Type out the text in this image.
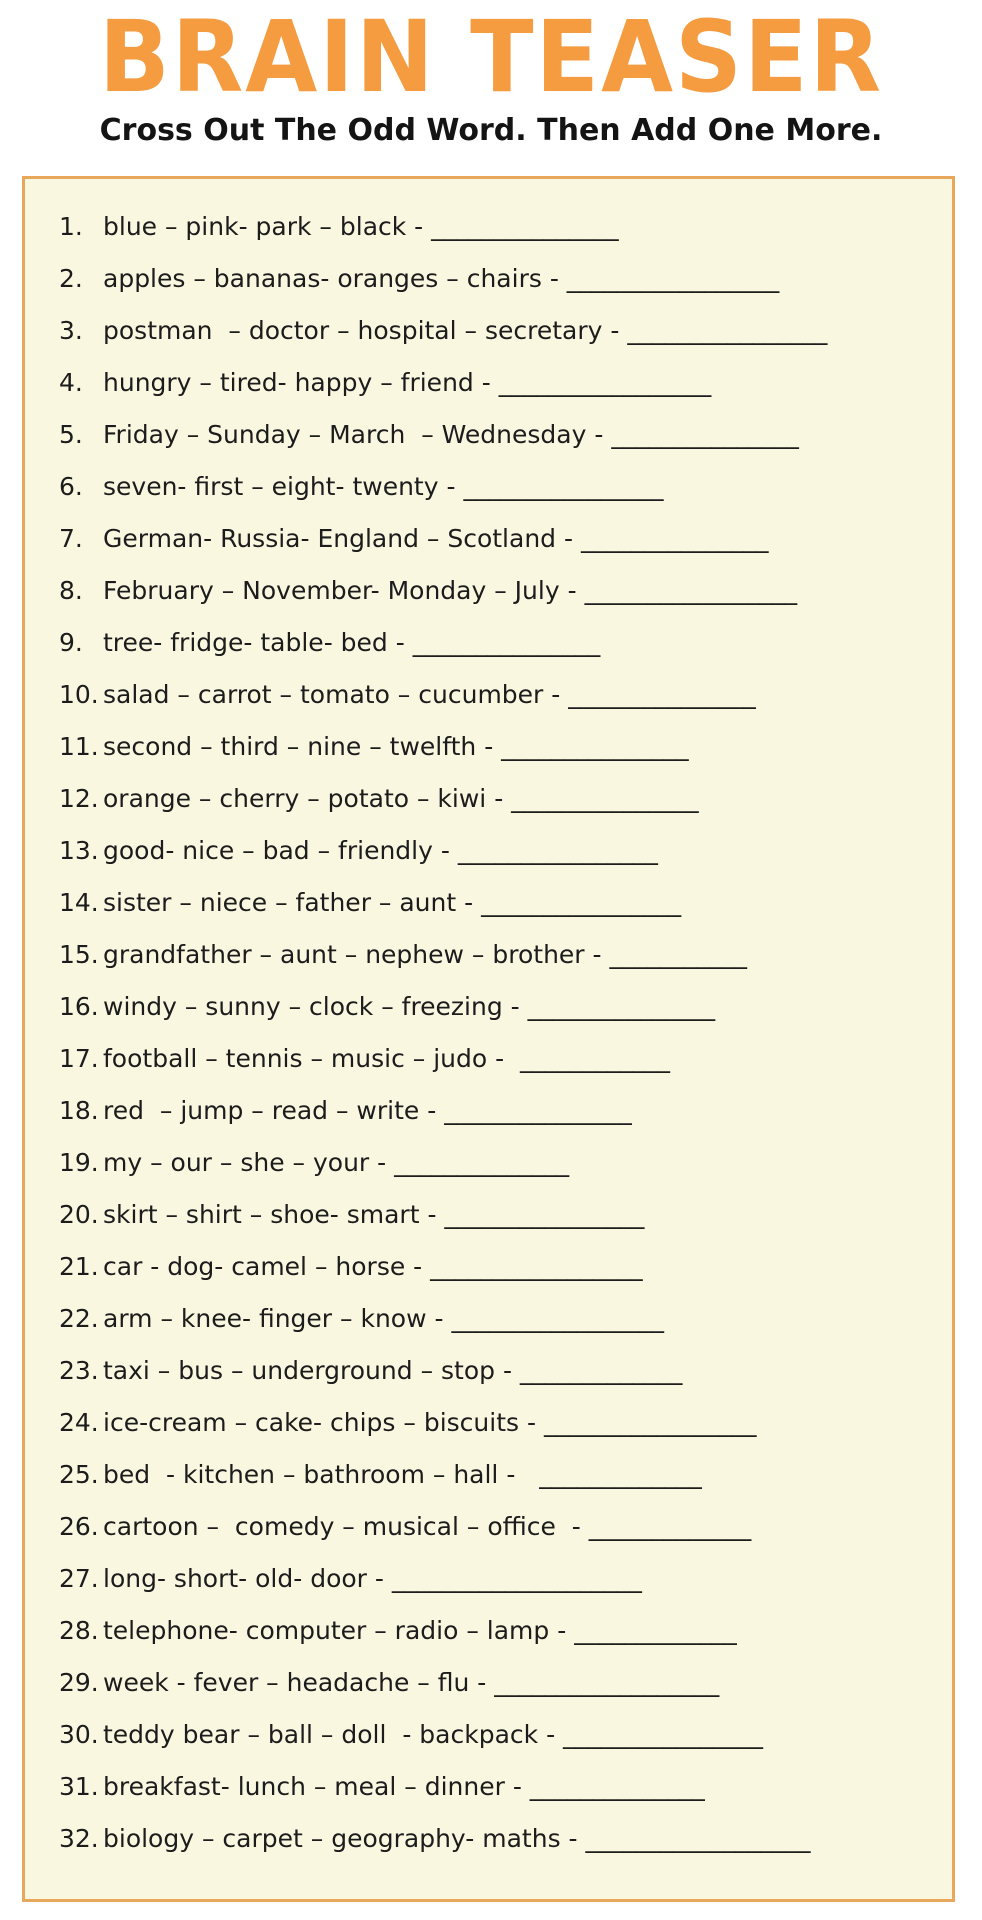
BRAIN TEASER
Cross Out The Odd Word. Then Add One More.
1. blue – pink- park – black - _______________
2. apples – bananas- oranges – chairs - _________________
3. postman  – doctor – hospital – secretary - ________________
4. hungry – tired- happy – friend - _________________
5. Friday – Sunday – March  – Wednesday - _______________
6. seven- first – eight- twenty - ________________
7. German- Russia- England – Scotland - _______________
8. February – November- Monday – July - _________________
9. tree- fridge- table- bed - _______________
10. salad – carrot – tomato – cucumber - _______________
11. second – third – nine – twelfth - _______________
12. orange – cherry – potato – kiwi - _______________
13. good- nice – bad – friendly - ________________
14. sister – niece – father – aunt - ________________
15. grandfather – aunt – nephew – brother - ___________
16. windy – sunny – clock – freezing - _______________
17. football – tennis – music – judo -  ____________
18. red  – jump – read – write - _______________
19. my – our – she – your - ______________
20. skirt – shirt – shoe- smart - ________________
21. car - dog- camel – horse - _________________
22. arm – knee- finger – know - _________________
23. taxi – bus – underground – stop - _____________
24. ice-cream – cake- chips – biscuits - _________________
25. bed  - kitchen – bathroom – hall -   _____________
26. cartoon –  comedy – musical – office  - _____________
27. long- short- old- door - ____________________
28. telephone- computer – radio – lamp - _____________
29. week - fever – headache – flu - __________________
30. teddy bear – ball – doll  - backpack - ________________
31. breakfast- lunch – meal – dinner - ______________
32. biology – carpet – geography- maths - __________________
